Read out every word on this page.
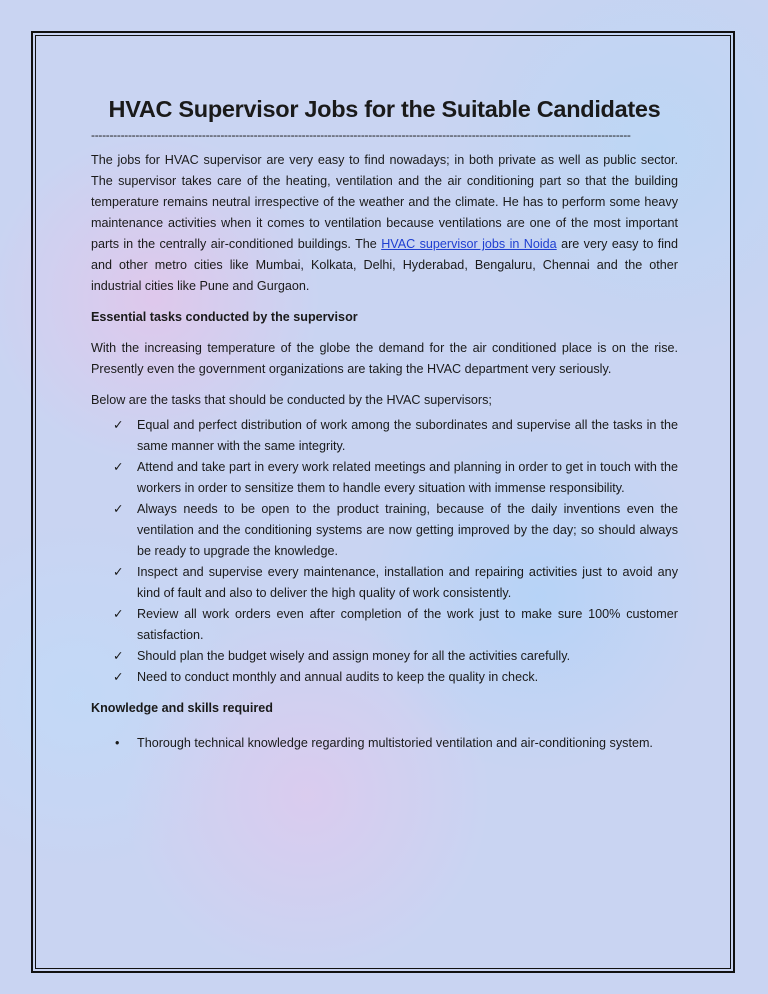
HVAC Supervisor Jobs for the Suitable Candidates
--------------------------------------------------------------------------------------------------------------------------------------------------

The jobs for HVAC supervisor are very easy to find nowadays; in both private as well as public sector. The supervisor takes care of the heating, ventilation and the air conditioning part so that the building temperature remains neutral irrespective of the weather and the climate. He has to perform some heavy maintenance activities when it comes to ventilation because ventilations are one of the most important parts in the centrally air-conditioned buildings. The HVAC supervisor jobs in Noida are very easy to find and other metro cities like Mumbai, Kolkata, Delhi, Hyderabad, Bengaluru, Chennai and the other industrial cities like Pune and Gurgaon.

Essential tasks conducted by the supervisor

With the increasing temperature of the globe the demand for the air conditioned place is on the rise. Presently even the government organizations are taking the HVAC department very seriously.

Below are the tasks that should be conducted by the HVAC supervisors;

✓ Equal and perfect distribution of work among the subordinates and supervise all the tasks in the same manner with the same integrity.
✓ Attend and take part in every work related meetings and planning in order to get in touch with the workers in order to sensitize them to handle every situation with immense responsibility.
✓ Always needs to be open to the product training, because of the daily inventions even the ventilation and the conditioning systems are now getting improved by the day; so should always be ready to upgrade the knowledge.
✓ Inspect and supervise every maintenance, installation and repairing activities just to avoid any kind of fault and also to deliver the high quality of work consistently.
✓ Review all work orders even after completion of the work just to make sure 100% customer satisfaction.
✓ Should plan the budget wisely and assign money for all the activities carefully.
✓ Need to conduct monthly and annual audits to keep the quality in check.

Knowledge and skills required

• Thorough technical knowledge regarding multistoried ventilation and air-conditioning system.
